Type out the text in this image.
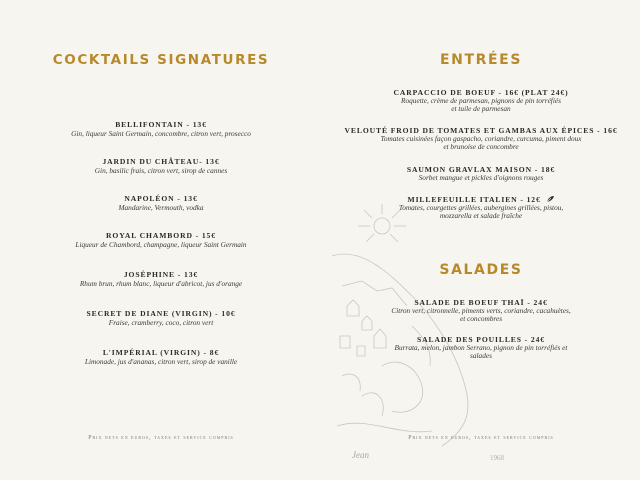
Jean	1968
COCKTAILS SIGNATURES
BELLIFONTAIN - 13€
Gin, liqueur Saint Germain, concombre, citron vert, prosecco
JARDIN DU CHÂTEAU- 13€
Gin, basilic frais, citron vert, sirop de cannes
NAPOLÉON - 13€
Mandarine, Vermouth, vodka
ROYAL CHAMBORD - 15€
Liqueur de Chambord, champagne, liqueur Saint Germain
JOSÉPHINE - 13€
Rhum brun, rhum blanc, liqueur d'abricot, jus d'orange
SECRET DE DIANE (VIRGIN) - 10€
Fraise, cramberry, coco, citron vert
L'IMPÉRIAL (VIRGIN) - 8€
Limonade, jus d'ananas, citron vert, sirop de vanille
Prix nets en euros, taxes et service compris
ENTRÉES
CARPACCIO DE BOEUF - 16€ (PLAT 24€)
Roquette, crème de parmesan, pignons de pin torréfiés
et tuile de parmesan
VELOUTÉ FROID DE TOMATES ET GAMBAS AUX ÉPICES - 16€
Tomates cuisinées façon gaspacho, coriandre, curcuma, piment doux
et brunoise de concombre
SAUMON GRAVLAX MAISON - 18€
Sorbet mangue et pickles d'oignons rouges
MILLEFEUILLE ITALIEN - 12€
Tomates, courgettes grillées, aubergines grillées, pistou,
mozzarella et salade fraîche
SALADES
SALADE DE BOEUF THAÏ - 24€
Citron vert, citronnelle, piments verts, coriandre, cacahuètes,
et concombres
SALADE DES POUILLES - 24€
Burrata, melon, jambon Serrano, pignon de pin torréfiés et
salades
Prix nets en euros, taxes et service compris
